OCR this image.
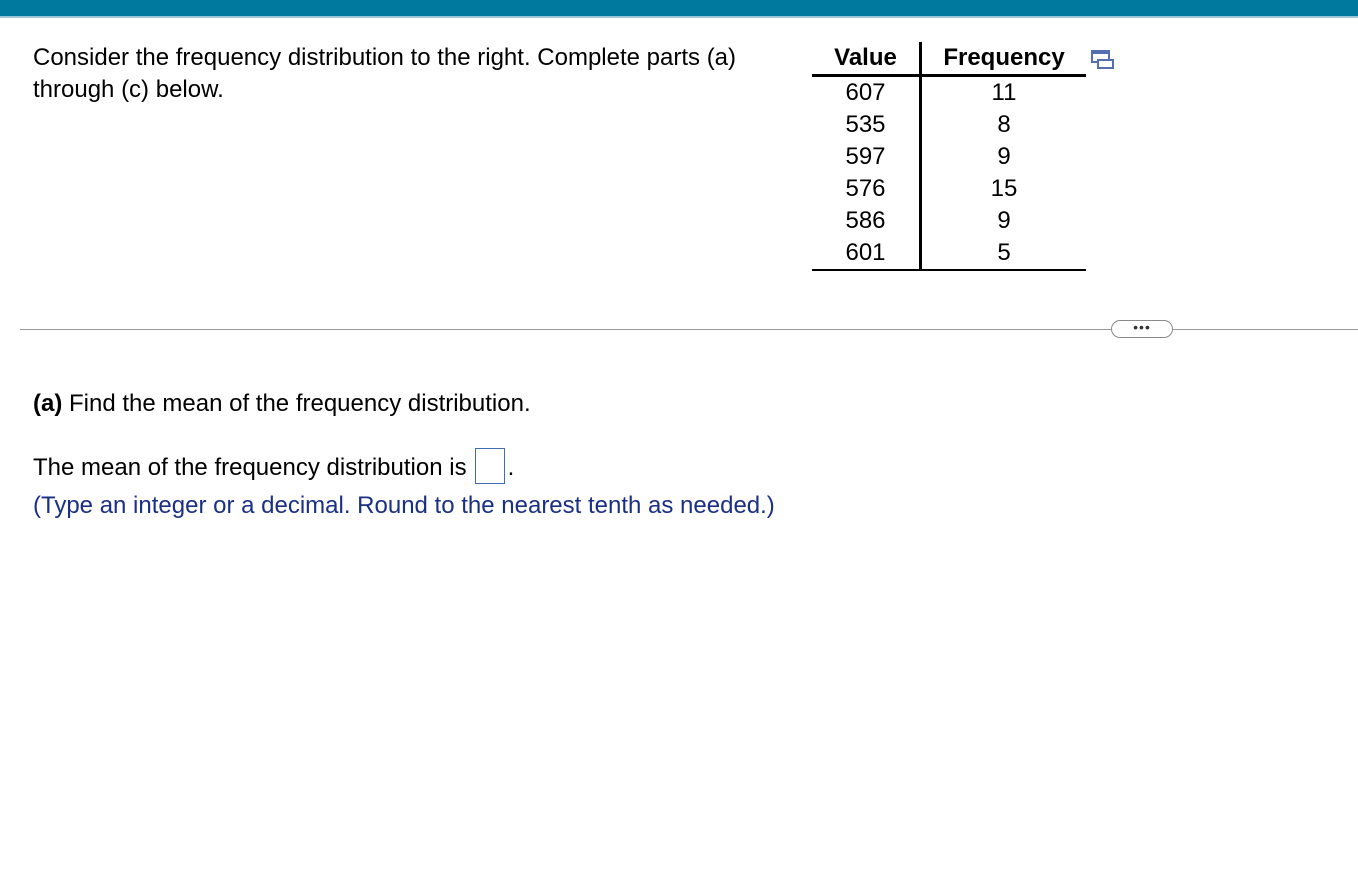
Consider the frequency distribution to the right. Complete parts (a) through (c) below.

Value	Frequency
607	11
535	8
597	9
576	15
586	9
601	5
•••

(a) Find the mean of the frequency distribution.

The mean of the frequency distribution is .

(Type an integer or a decimal. Round to the nearest tenth as needed.)
